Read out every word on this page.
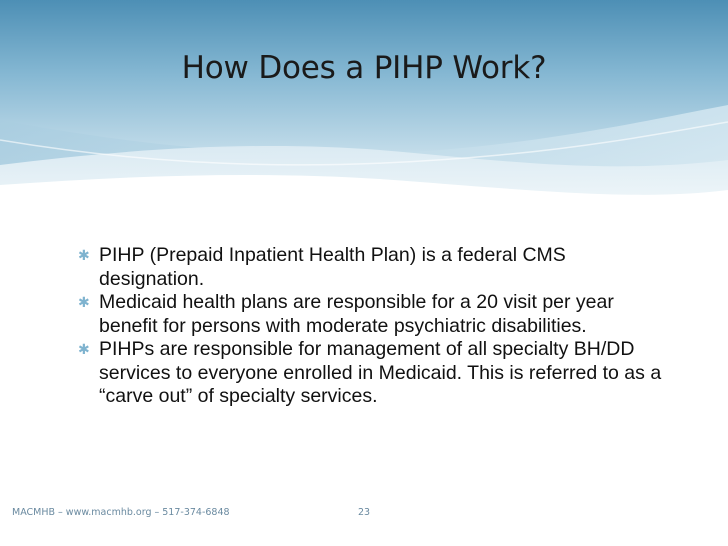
How Does a PIHP Work?
✱ PIHP (Prepaid Inpatient Health Plan) is a federal CMS designation.
✱ Medicaid health plans are responsible for a 20 visit per year benefit for persons with moderate psychiatric disabilities.
✱ PIHPs are responsible for management of all specialty BH/DD services to everyone enrolled in Medicaid. This is referred to as a “carve out” of specialty services.
MACMHB – www.macmhb.org – 517-374-6848	23
